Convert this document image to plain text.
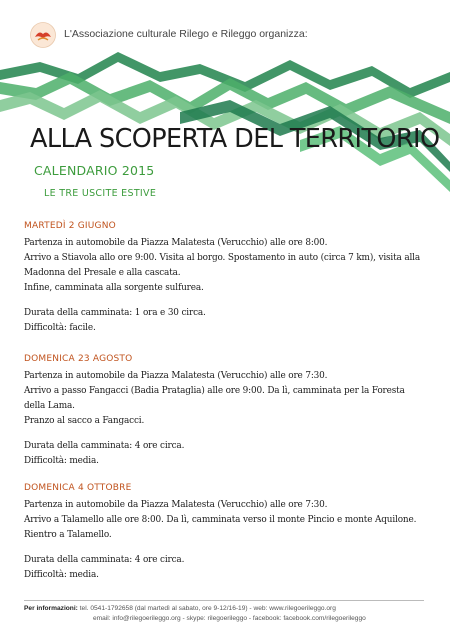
L'Associazione culturale Rilego e Rileggo organizza:
ALLA SCOPERTA DEL TERRITORIO
CALENDARIO 2015
LE TRE USCITE ESTIVE
MARTEDÌ 2 GIUGNO

Partenza in automobile da Piazza Malatesta (Verucchio) alle ore 8:00.

Arrivo a Stiavola allo ore 9:00. Visita al borgo. Spostamento in auto (circa 7 km), visita alla Madonna del Presale e alla cascata.

Infine, camminata alla sorgente sulfurea.

Durata della camminata: 1 ora e 30 circa.

Difficoltà: facile.

DOMENICA 23 AGOSTO

Partenza in automobile da Piazza Malatesta (Verucchio) alle ore 7:30.

Arrivo a passo Fangacci (Badia Prataglia) alle ore 9:00. Da lì, camminata per la Foresta della Lama.

Pranzo al sacco a Fangacci.

Durata della camminata: 4 ore circa.

Difficoltà: media.

DOMENICA 4 OTTOBRE

Partenza in automobile da Piazza Malatesta (Verucchio) alle ore 7:30.

Arrivo a Talamello alle ore 8:00. Da lì, camminata verso il monte Pincio e monte Aquilone.

Rientro a Talamello.

Durata della camminata: 4 ore circa.

Difficoltà: media.

Per informazioni: tel. 0541-1792658 (dal martedì al sabato, ore 9-12/16-19) - web: www.rilegoerileggo.org
email: info@rilegoerileggo.org - skype: rilegoerileggo - facebook: facebook.com/rilegoerileggo
